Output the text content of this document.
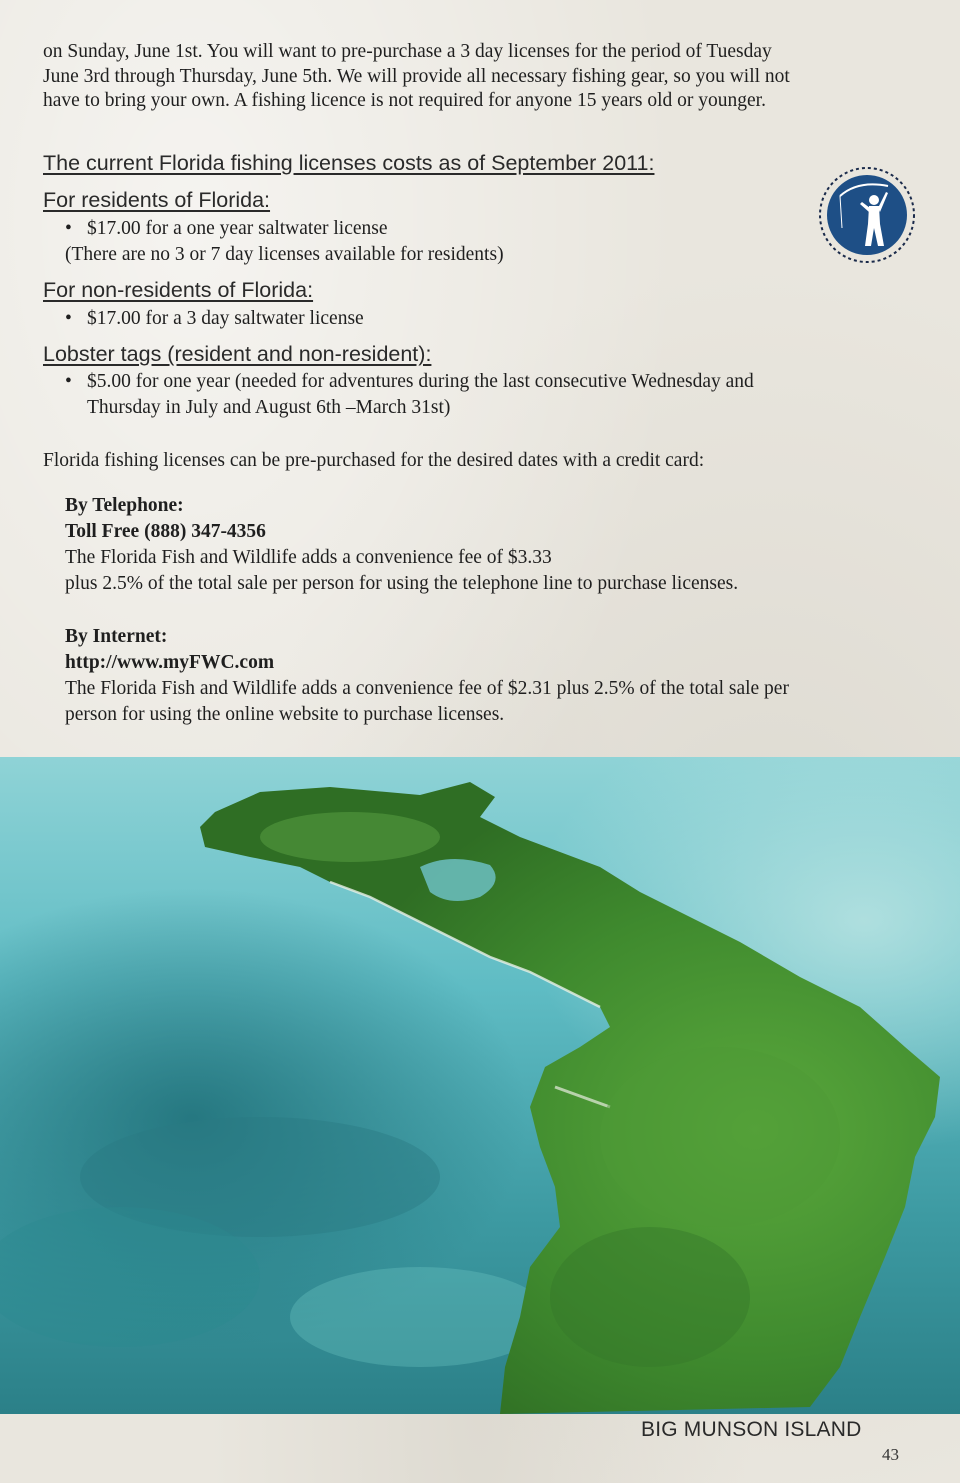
on Sunday, June 1st. You will want to pre-purchase a 3 day licenses for the period of Tuesday
June 3rd through Thursday, June 5th. We will provide all necessary fishing gear, so you will not
have to bring your own. A fishing licence is not required for anyone 15 years old or younger.
The current Florida fishing licenses costs as of September 2011:
For residents of Florida:
• $17.00 for a one year saltwater license
(There are no 3 or 7 day licenses available for residents)
For non-residents of Florida:
• $17.00 for a 3 day saltwater license
Lobster tags (resident and non-resident):
• $5.00 for one year (needed for adventures during the last consecutive Wednesday and
Thursday in July and August 6th –March 31st)
Florida fishing licenses can be pre-purchased for the desired dates with a credit card:
By Telephone:
Toll Free (888) 347-4356
The Florida Fish and Wildlife adds a convenience fee of $3.33
plus 2.5% of the total sale per person for using the telephone line to purchase licenses.
By Internet:
http://www.myFWC.com
The Florida Fish and Wildlife adds a convenience fee of $2.31 plus 2.5% of the total sale per
person for using the online website to purchase licenses.
BIG MUNSON ISLAND
43
